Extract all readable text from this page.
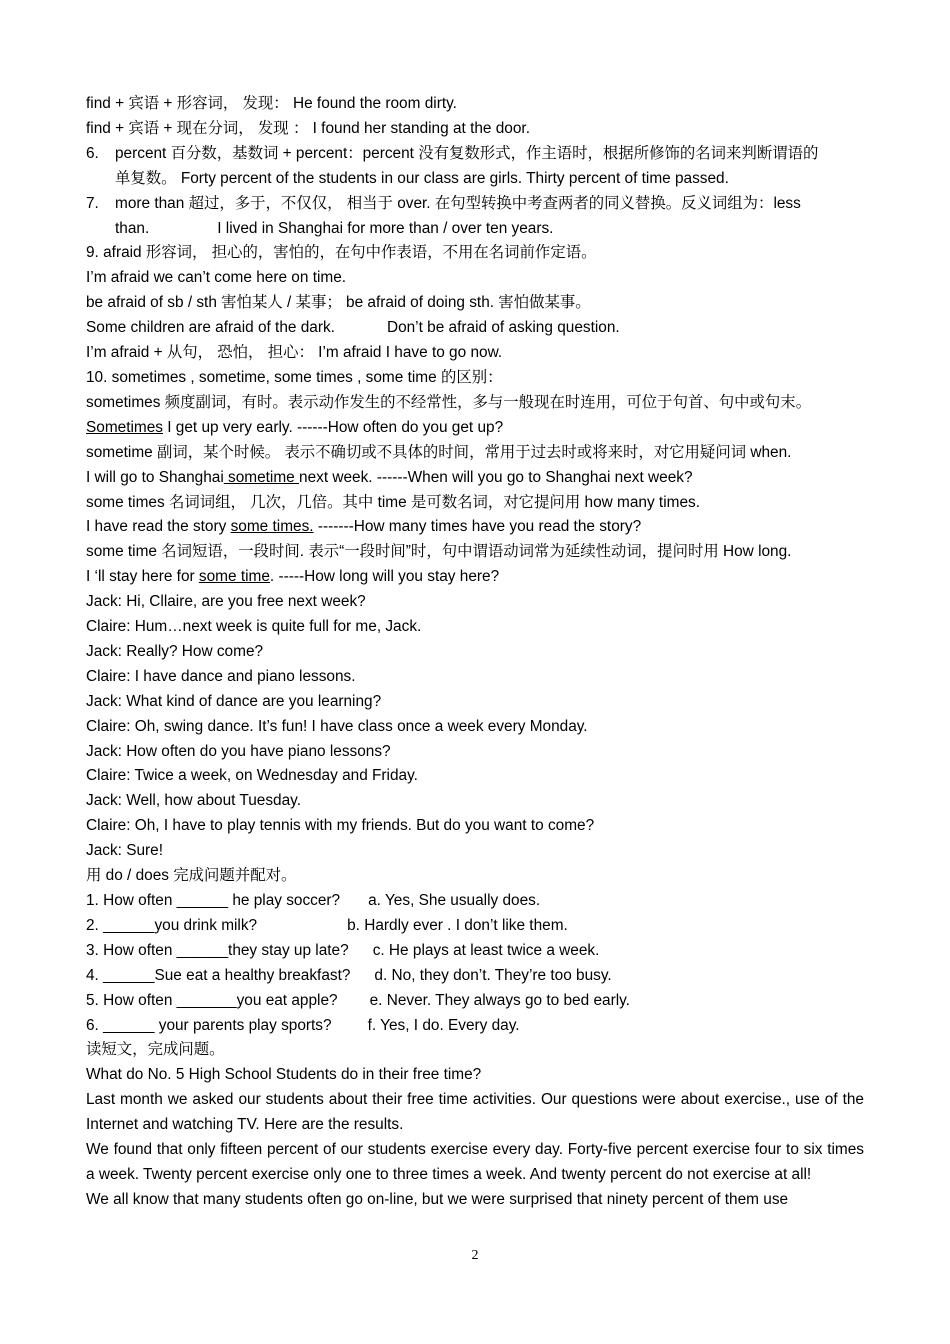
find + 宾语 + 形容词， 发现： He found the room dirty.

find + 宾语 + 现在分词， 发现 ： I found her standing at the door.

6. percent 百分数，基数词 + percent：percent 没有复数形式，作主语时，根据所修饰的名词来判断谓语的

单复数。 Forty percent of the students in our class are girls. Thirty percent of time passed.

7. more than 超过，多于，不仅仅， 相当于 over. 在句型转换中考查两者的同义替换。反义词组为：less

than.	I lived in Shanghai for more than / over ten years.

9. afraid 形容词， 担心的，害怕的，在句中作表语，不用在名词前作定语。

I’m afraid we can’t come here on time.

be afraid of sb / sth 害怕某人 / 某事； be afraid of doing sth. 害怕做某事。

Some children are afraid of the dark.	Don’t be afraid of asking question.

I’m afraid + 从句， 恐怕， 担心： I’m afraid I have to go now.

10. sometimes , sometime, some times , some time 的区别：

sometimes 频度副词，有时。表示动作发生的不经常性，多与一般现在时连用，可位于句首、句中或句末。

Sometimes I get up very early. ------How often do you get up?

sometime 副词，某个时候。 表示不确切或不具体的时间，常用于过去时或将来时，对它用疑问词 when.

I will go to Shanghai sometime next week. ------When will you go to Shanghai next week?

some times 名词词组， 几次，几倍。其中 time 是可数名词，对它提问用 how many times.

I have read the story some times. -------How many times have you read the story?

some time 名词短语，一段时间. 表示“一段时间”时，句中谓语动词常为延续性动词，提问时用 How long.

I ‘ll stay here for some time. -----How long will you stay here?

Jack: Hi, Cllaire, are you free next week?

Claire: Hum…next week is quite full for me, Jack.

Jack: Really? How come?

Claire: I have dance and piano lessons.

Jack: What kind of dance are you learning?

Claire: Oh, swing dance. It’s fun! I have class once a week every Monday.

Jack: How often do you have piano lessons?

Claire: Twice a week, on Wednesday and Friday.

Jack: Well, how about Tuesday.

Claire: Oh, I have to play tennis with my friends. But do you want to come?

Jack: Sure!

用 do / does 完成问题并配对。

1. How often ______ he play soccer? a. Yes, She usually does.

2. ______you drink milk?	b. Hardly ever . I don’t like them.

3. How often ______they stay up late? c. He plays at least twice a week.

4. ______Sue eat a healthy breakfast? d. No, they don’t. They’re too busy.

5. How often _______you eat apple? e. Never. They always go to bed early.

6. ______ your parents play sports? f. Yes, I do. Every day.

读短文，完成问题。

What do No. 5 High School Students do in their free time?

Last month we asked our students about their free time activities. Our questions were about exercise., use of the Internet and watching TV. Here are the results.

We found that only fifteen percent of our students exercise every day. Forty-five percent exercise four to six times a week. Twenty percent exercise only one to three times a week. And twenty percent do not exercise at all!

We all know that many students often go on-line, but we were surprised that ninety percent of them use

2
